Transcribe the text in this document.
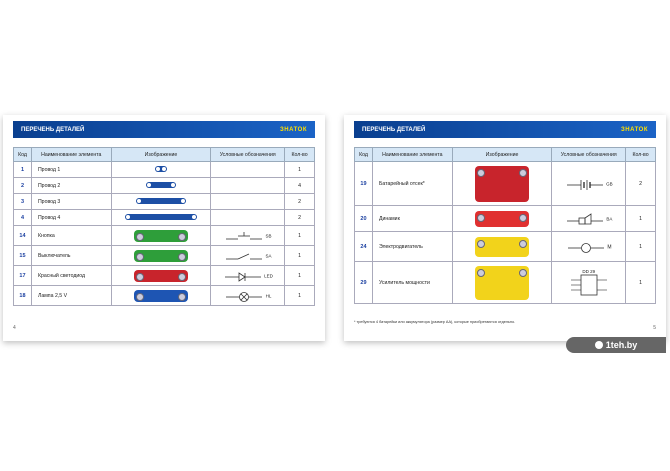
ПЕРЕЧЕНЬ ДЕТАЛЕЙ	ЗНАТОК
Код	Наименование элемента	Изображение	Условные обозначения	Кол-во
1	Провод 1			1
2	Провод 2			4
3	Провод 3			2
4	Провод 4			2
14	Кнопка		SB	1
15	Выключатель		SA	1
17	Красный светодиод		LED	1
18	Лампа 2,5 V		HL	1
4
ПЕРЕЧЕНЬ ДЕТАЛЕЙ	ЗНАТОК
Код	Наименование элемента	Изображение	Условные обозначения	Кол-во
19	Батарейный отсек*		GB	2
20	Динамик		BA	1
24	Электродвигатель		M	1
29	Усилитель мощности		DD 29	1
* требуются 4 батарейки или аккумулятора (размер AA), которые приобретаются отдельно.
5
1teh.by
